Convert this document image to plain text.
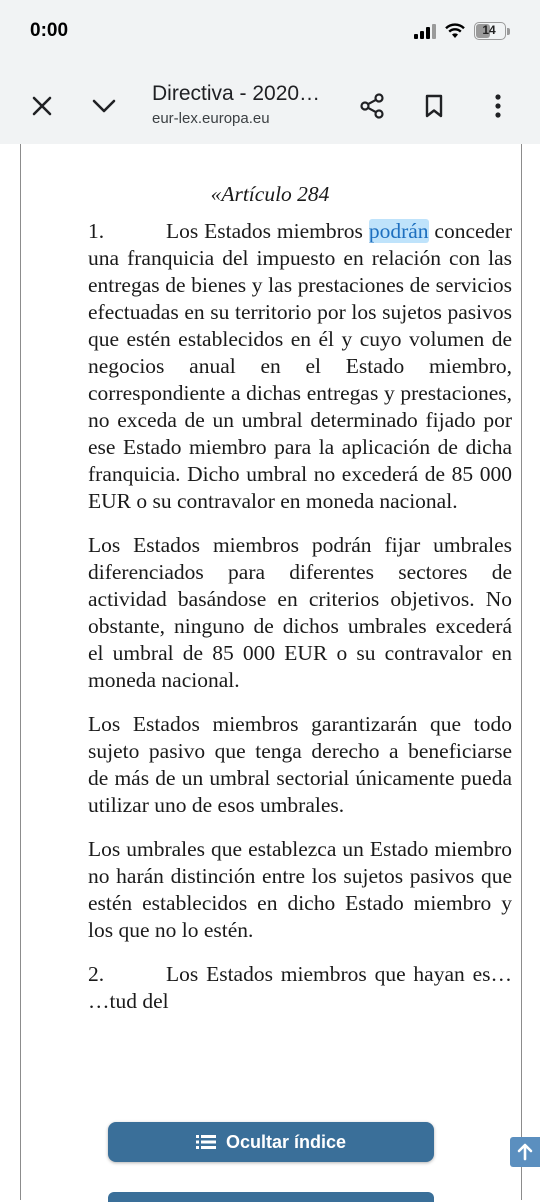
0:00	14
Directiva - 2020…
eur-lex.europa.eu
«Artículo 284

1.	Los Estados miembros podrán conceder una franquicia del impuesto en relación con las entregas de bienes y las prestaciones de servicios efectuadas en su territorio por los sujetos pasivos que estén establecidos en él y cuyo volumen de negocios anual en el Estado miembro, correspondiente a dichas entregas y prestaciones, no exceda de un umbral determinado fijado por ese Estado miembro para la aplicación de dicha franquicia. Dicho umbral no excederá de 85 000 EUR o su contravalor en moneda nacional.

Los Estados miembros podrán fijar umbrales diferenciados para diferentes sectores de actividad basándose en criterios objetivos. No obstante, ninguno de dichos umbrales excederá el umbral de 85 000 EUR o su contravalor en moneda nacional.

Los Estados miembros garantizarán que todo sujeto pasivo que tenga derecho a beneficiarse de más de un umbral sectorial únicamente pueda utilizar uno de esos umbrales.

Los umbrales que establezca un Estado miembro no harán distinción entre los sujetos pasivos que estén establecidos en dicho Estado miembro y los que no lo estén.

2.	Los Estados miembros que hayan es… …tud del

Ocultar índice
